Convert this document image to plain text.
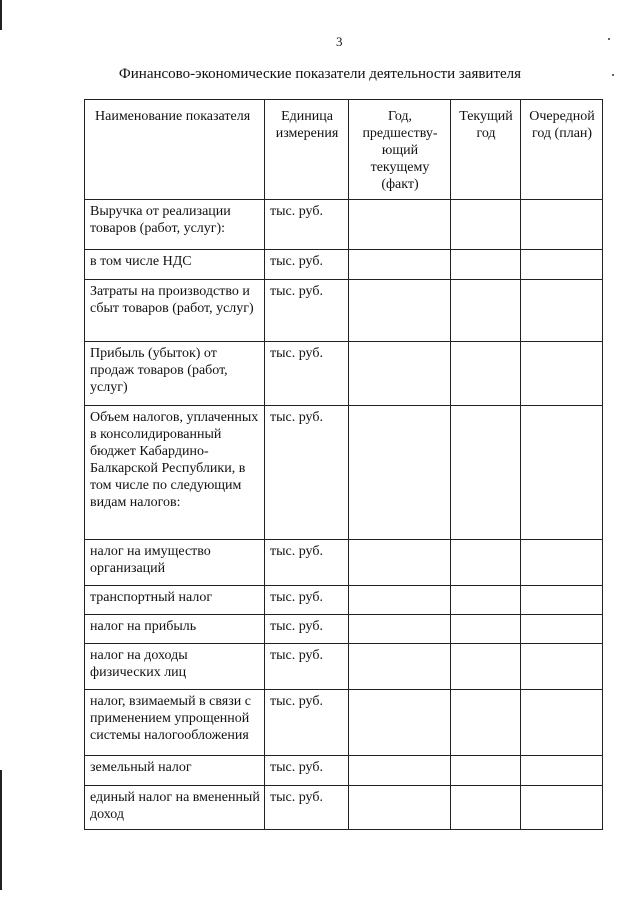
3
Финансово-экономические показатели деятельности заявителя
Наименование показателя	Единица измерения	Год, предшеству-ющий текущему (факт)	Текущий год	Очередной год (план)
Выручка от реализации товаров (работ, услуг):	тыс. руб.			
в том числе НДС	тыс. руб.			
Затраты на производство и сбыт товаров (работ, услуг)	тыс. руб.			
Прибыль (убыток) от продаж товаров (работ, услуг)	тыс. руб.			
Объем налогов, уплаченных в консолидированный бюджет Кабардино-Балкарской Республики, в том числе по следующим видам налогов:	тыс. руб.			
налог на имущество организаций	тыс. руб.			
транспортный налог	тыс. руб.			
налог на прибыль	тыс. руб.			
налог на доходы физических лиц	тыс. руб.			
налог, взимаемый в связи с применением упрощенной системы налогообложения	тыс. руб.			
земельный налог	тыс. руб.			
единый налог на вмененный доход	тыс. руб.			
